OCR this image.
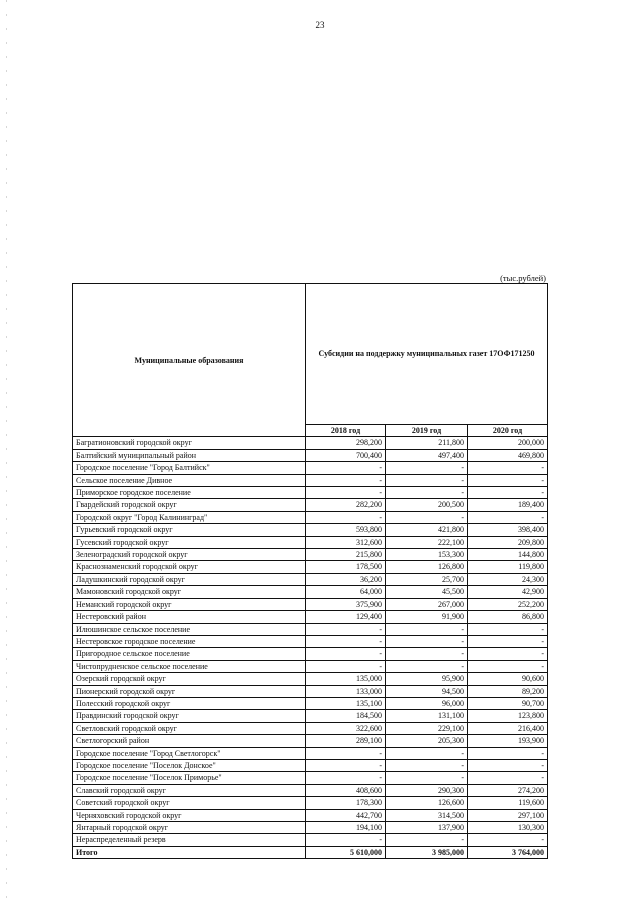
23
(тыс.рублей)
Муниципальные образования	Субсидии на поддержку муниципальных газет 17ОФ171250		
	2018 год	2019 год	2020 год
Багратионовский городской округ	298,200	211,800	200,000
Балтийский муниципальный район	700,400	497,400	469,800
Городское поселение "Город Балтийск"	-	-	-
Сельское поселение Дивное	-	-	-
Приморское городское поселение	-	-	-
Гвардейский городской округ	282,200	200,500	189,400
Городской округ "Город Калининград"	-	-	-
Гурьевский городской округ	593,800	421,800	398,400
Гусевский городской округ	312,600	222,100	209,800
Зеленоградский городской округ	215,800	153,300	144,800
Краснознаменский городской округ	178,500	126,800	119,800
Ладушкинский городской округ	36,200	25,700	24,300
Мамоновский городской округ	64,000	45,500	42,900
Неманский городской округ	375,900	267,000	252,200
Нестеровский район	129,400	91,900	86,800
Илюшинское сельское поселение	-	-	-
Нестеровское городское поселение	-	-	-
Пригородное сельское поселение	-	-	-
Чистопрудненское сельское поселение	-	-	-
Озерский городской округ	135,000	95,900	90,600
Пионерский городской округ	133,000	94,500	89,200
Полесский городской округ	135,100	96,000	90,700
Правдинский городской округ	184,500	131,100	123,800
Светловский городской округ	322,600	229,100	216,400
Светлогорский район	289,100	205,300	193,900
Городское поселение "Город Светлогорск"	-	-	-
Городское поселение "Поселок Донское"	-	-	-
Городское поселение "Поселок Приморье"	-	-	-
Славский городской округ	408,600	290,300	274,200
Советский городской округ	178,300	126,600	119,600
Черняховский городской округ	442,700	314,500	297,100
Янтарный городской округ	194,100	137,900	130,300
Нераспределенный резерв	-	-	-
Итого	5 610,000	3 985,000	3 764,000
